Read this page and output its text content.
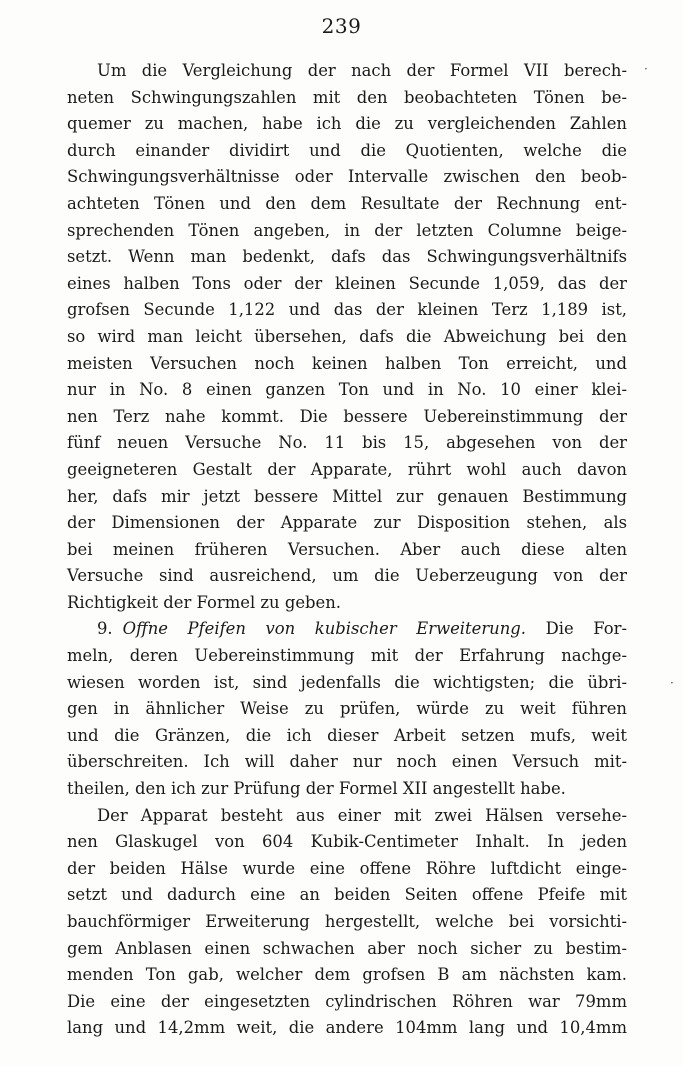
239
Um die Vergleichung der nach der Formel VII berech-
neten Schwingungszahlen mit den beobachteten Tönen be-
quemer zu machen, habe ich die zu vergleichenden Zahlen
durch einander dividirt und die Quotienten, welche die
Schwingungsverhältnisse oder Intervalle zwischen den beob-
achteten Tönen und den dem Resultate der Rechnung ent-
sprechenden Tönen angeben, in der letzten Columne beige-
setzt. Wenn man bedenkt, dafs das Schwingungsverhältnifs
eines halben Tons oder der kleinen Secunde 1,059, das der
grofsen Secunde 1,122 und das der kleinen Terz 1,189 ist,
so wird man leicht übersehen, dafs die Abweichung bei den
meisten Versuchen noch keinen halben Ton erreicht, und
nur in No. 8 einen ganzen Ton und in No. 10 einer klei-
nen Terz nahe kommt. Die bessere Uebereinstimmung der
fünf neuen Versuche No. 11 bis 15, abgesehen von der
geeigneteren Gestalt der Apparate, rührt wohl auch davon
her, dafs mir jetzt bessere Mittel zur genauen Bestimmung
der Dimensionen der Apparate zur Disposition stehen, als
bei meinen früheren Versuchen. Aber auch diese alten
Versuche sind ausreichend, um die Ueberzeugung von der
Richtigkeit der Formel zu geben.
9. Offne Pfeifen von kubischer Erweiterung. Die For-
meln, deren Uebereinstimmung mit der Erfahrung nachge-
wiesen worden ist, sind jedenfalls die wichtigsten; die übri-
gen in ähnlicher Weise zu prüfen, würde zu weit führen
und die Gränzen, die ich dieser Arbeit setzen mufs, weit
überschreiten. Ich will daher nur noch einen Versuch mit-
theilen, den ich zur Prüfung der Formel XII angestellt habe.
Der Apparat besteht aus einer mit zwei Hälsen versehe-
nen Glaskugel von 604 Kubik-Centimeter Inhalt. In jeden
der beiden Hälse wurde eine offene Röhre luftdicht einge-
setzt und dadurch eine an beiden Seiten offene Pfeife mit
bauchförmiger Erweiterung hergestellt, welche bei vorsichti-
gem Anblasen einen schwachen aber noch sicher zu bestim-
menden Ton gab, welcher dem grofsen B am nächsten kam.
Die eine der eingesetzten cylindrischen Röhren war 79mm
lang und 14,2mm weit, die andere 104mm lang und 10,4mm
·
·
